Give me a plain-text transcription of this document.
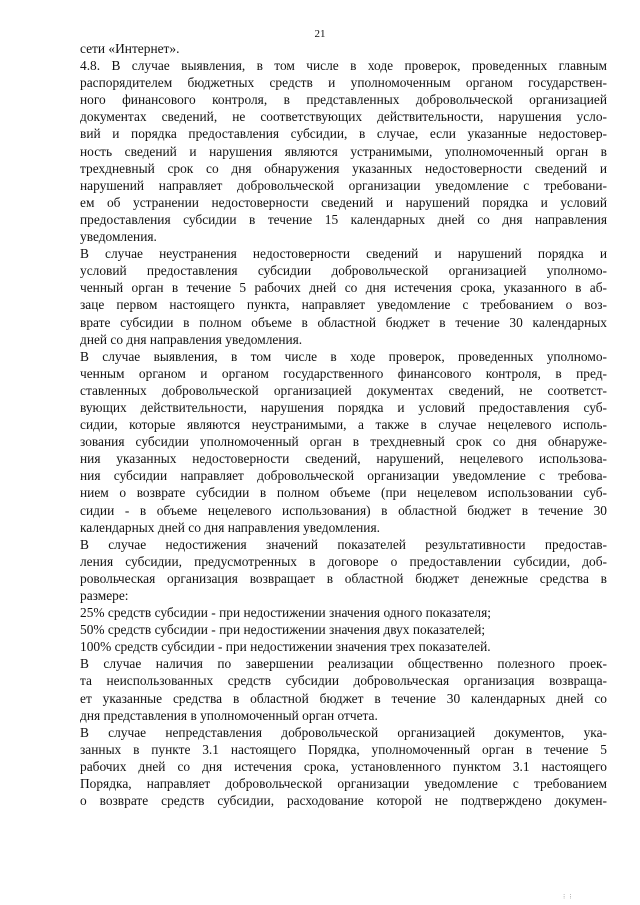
21
сети «Интернет».
4.8. В случае выявления, в том числе в ходе проверок, проведенных главным
распорядителем бюджетных средств и уполномоченным органом государствен-
ного финансового контроля, в представленных добровольческой организацией
документах сведений, не соответствующих действительности, нарушения усло-
вий и порядка предоставления субсидии, в случае, если указанные недостовер-
ность сведений и нарушения являются устранимыми, уполномоченный орган в
трехдневный срок со дня обнаружения указанных недостоверности сведений и
нарушений направляет добровольческой организации уведомление с требовани-
ем об устранении недостоверности сведений и нарушений порядка и условий
предоставления субсидии в течение 15 календарных дней со дня направления
уведомления.
В случае неустранения недостоверности сведений и нарушений порядка и
условий предоставления субсидии добровольческой организацией уполномо-
ченный орган в течение 5 рабочих дней со дня истечения срока, указанного в аб-
заце первом настоящего пункта, направляет уведомление с требованием о воз-
врате субсидии в полном объеме в областной бюджет в течение 30 календарных
дней со дня направления уведомления.
В случае выявления, в том числе в ходе проверок, проведенных уполномо-
ченным органом и органом государственного финансового контроля, в пред-
ставленных добровольческой организацией документах сведений, не соответст-
вующих действительности, нарушения порядка и условий предоставления суб-
сидии, которые являются неустранимыми, а также в случае нецелевого исполь-
зования субсидии уполномоченный орган в трехдневный срок со дня обнаруже-
ния указанных недостоверности сведений, нарушений, нецелевого использова-
ния субсидии направляет добровольческой организации уведомление с требова-
нием о возврате субсидии в полном объеме (при нецелевом использовании суб-
сидии - в объеме нецелевого использования) в областной бюджет в течение 30
календарных дней со дня направления уведомления.
В случае недостижения значений показателей результативности предостав-
ления субсидии, предусмотренных в договоре о предоставлении субсидии, доб-
ровольческая организация возвращает в областной бюджет денежные средства в
размере:
25% средств субсидии - при недостижении значения одного показателя;
50% средств субсидии - при недостижении значения двух показателей;
100% средств субсидии - при недостижении значения трех показателей.
В случае наличия по завершении реализации общественно полезного проек-
та неиспользованных средств субсидии добровольческая организация возвраща-
ет указанные средства в областной бюджет в течение 30 календарных дней со
дня представления в уполномоченный орган отчета.
В случае непредставления добровольческой организацией документов, ука-
занных в пункте 3.1 настоящего Порядка, уполномоченный орган в течение 5
рабочих дней со дня истечения срока, установленного пунктом 3.1 настоящего
Порядка, направляет добровольческой организации уведомление с требованием
о возврате средств субсидии, расходование которой не подтверждено докумен-
⁝⁝
